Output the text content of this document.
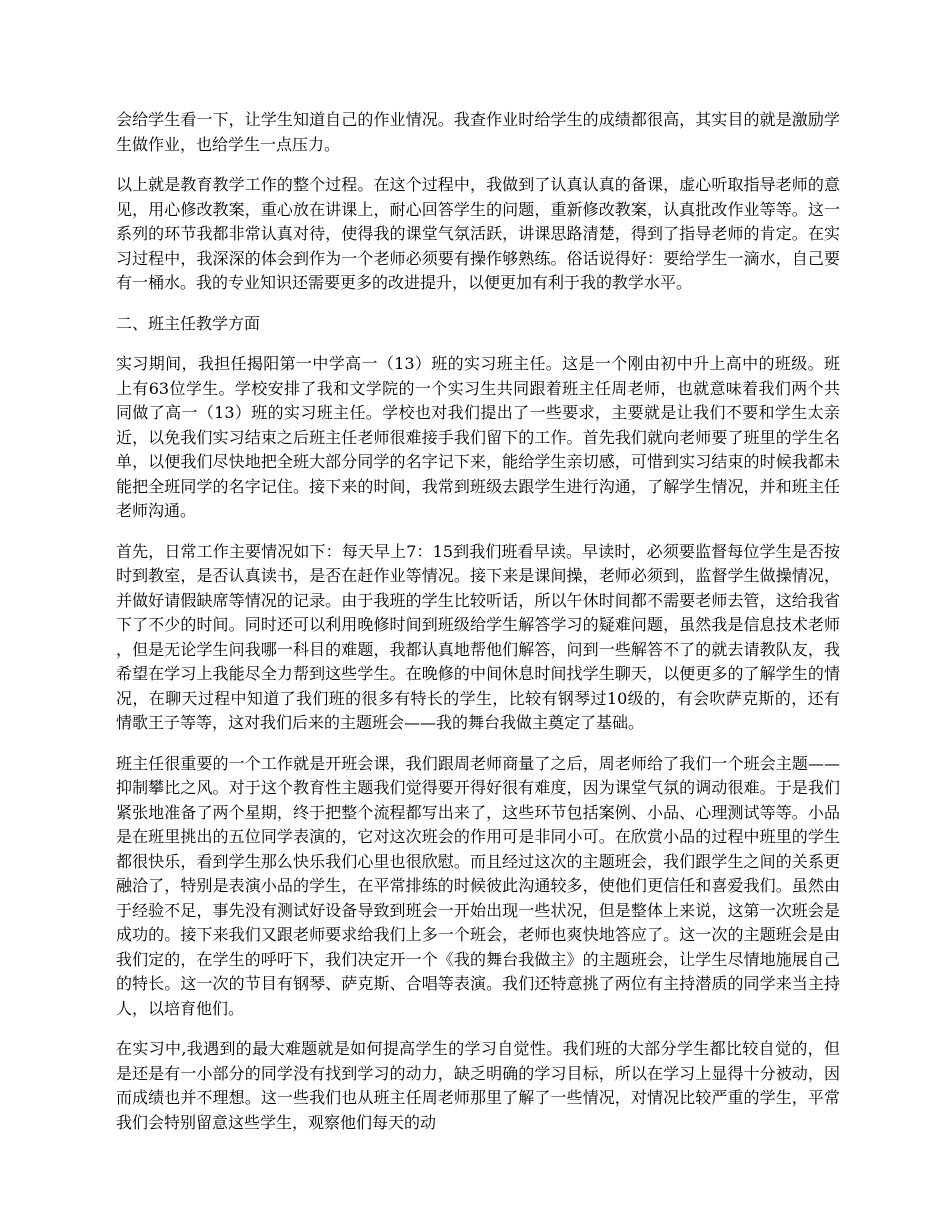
会给学生看一下，让学生知道自己的作业情况。我查作业时给学生的成绩都很高，其实目的就是激励学生做作业，也给学生一点压力。

以上就是教育教学工作的整个过程。在这个过程中，我做到了认真认真的备课，虚心听取指导老师的意见，用心修改教案，重心放在讲课上，耐心回答学生的问题，重新修改教案，认真批改作业等等。这一系列的环节我都非常认真对待，使得我的课堂气氛活跃，讲课思路清楚，得到了指导老师的肯定。在实习过程中，我深深的体会到作为一个老师必须要有操作够熟练。俗话说得好：要给学生一滴水，自己要有一桶水。我的专业知识还需要更多的改进提升，以便更加有利于我的教学水平。

二、班主任教学方面

实习期间，我担任揭阳第一中学高一（13）班的实习班主任。这是一个刚由初中升上高中的班级。班上有63位学生。学校安排了我和文学院的一个实习生共同跟着班主任周老师，也就意味着我们两个共同做了高一（13）班的实习班主任。学校也对我们提出了一些要求，主要就是让我们不要和学生太亲近，以免我们实习结束之后班主任老师很难接手我们留下的工作。首先我们就向老师要了班里的学生名单，以便我们尽快地把全班大部分同学的名字记下来，能给学生亲切感，可惜到实习结束的时候我都未能把全班同学的名字记住。接下来的时间，我常到班级去跟学生进行沟通，了解学生情况，并和班主任老师沟通。

首先，日常工作主要情况如下：每天早上7：15到我们班看早读。早读时，必须要监督每位学生是否按时到教室，是否认真读书，是否在赶作业等情况。接下来是课间操，老师必须到，监督学生做操情况，并做好请假缺席等情况的记录。由于我班的学生比较听话，所以午休时间都不需要老师去管，这给我省下了不少的时间。同时还可以利用晚修时间到班级给学生解答学习的疑难问题，虽然我是信息技术老师，但是无论学生问我哪一科目的难题，我都认真地帮他们解答，问到一些解答不了的就去请教队友，我希望在学习上我能尽全力帮到这些学生。在晚修的中间休息时间找学生聊天，以便更多的了解学生的情况，在聊天过程中知道了我们班的很多有特长的学生，比较有钢琴过10级的，有会吹萨克斯的，还有情歌王子等等，这对我们后来的主题班会——我的舞台我做主奠定了基础。

班主任很重要的一个工作就是开班会课，我们跟周老师商量了之后，周老师给了我们一个班会主题——抑制攀比之风。对于这个教育性主题我们觉得要开得好很有难度，因为课堂气氛的调动很难。于是我们紧张地准备了两个星期，终于把整个流程都写出来了，这些环节包括案例、小品、心理测试等等。小品是在班里挑出的五位同学表演的，它对这次班会的作用可是非同小可。在欣赏小品的过程中班里的学生都很快乐，看到学生那么快乐我们心里也很欣慰。而且经过这次的主题班会，我们跟学生之间的关系更融洽了，特别是表演小品的学生，在平常排练的时候彼此沟通较多，使他们更信任和喜爱我们。虽然由于经验不足，事先没有测试好设备导致到班会一开始出现一些状况，但是整体上来说，这第一次班会是成功的。接下来我们又跟老师要求给我们上多一个班会，老师也爽快地答应了。这一次的主题班会是由我们定的，在学生的呼吁下，我们决定开一个《我的舞台我做主》的主题班会，让学生尽情地施展自己的特长。这一次的节目有钢琴、萨克斯、合唱等表演。我们还特意挑了两位有主持潜质的同学来当主持人，以培育他们。

在实习中,我遇到的最大难题就是如何提高学生的学习自觉性。我们班的大部分学生都比较自觉的，但是还是有一小部分的同学没有找到学习的动力，缺乏明确的学习目标，所以在学习上显得十分被动，因而成绩也并不理想。这一些我们也从班主任周老师那里了解了一些情况，对情况比较严重的学生，平常我们会特别留意这些学生，观察他们每天的动
